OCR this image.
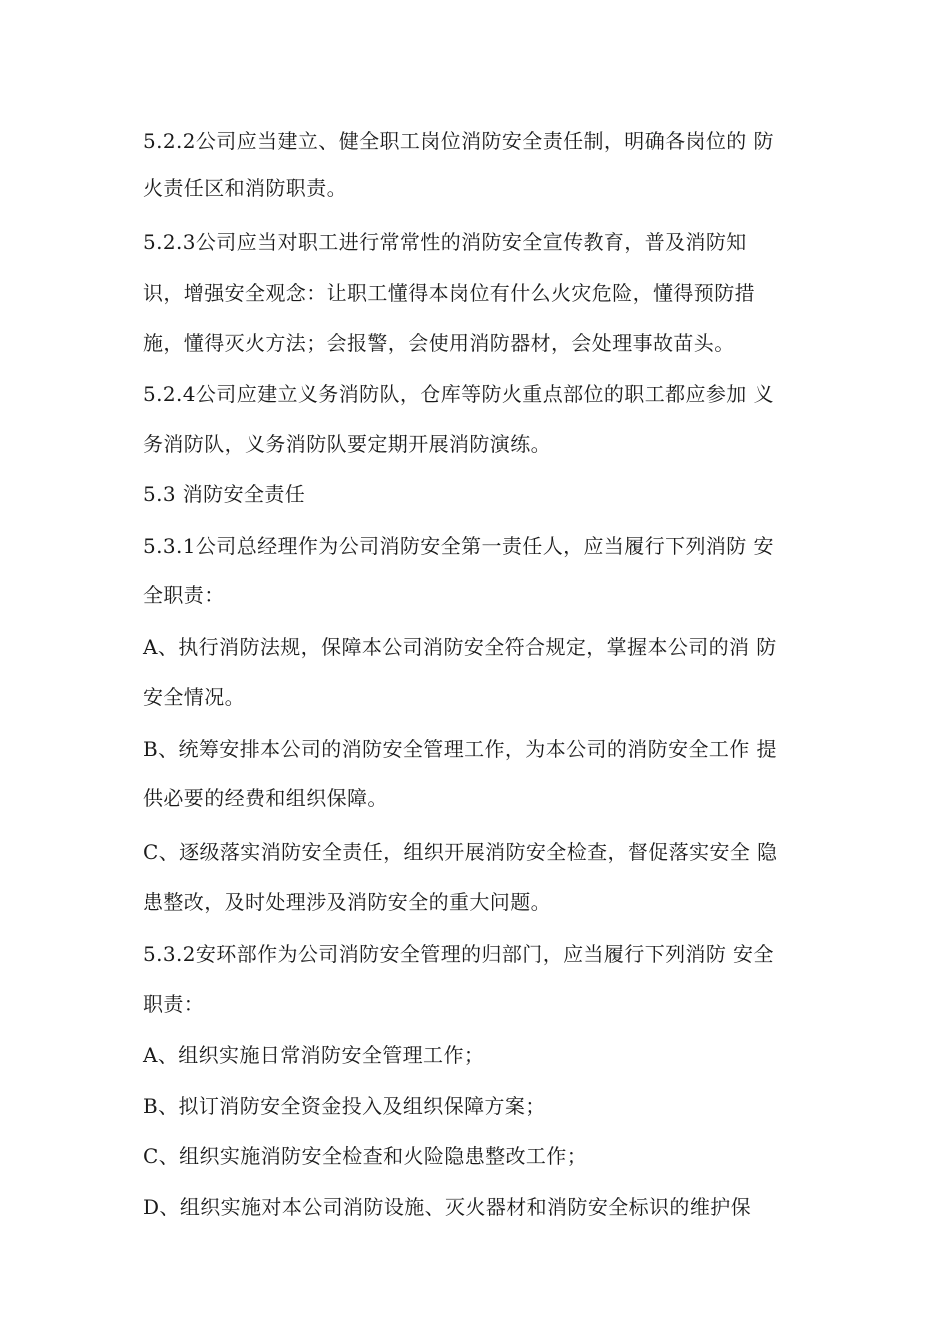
5.2.2公司应当建立、健全职工岗位消防安全责任制，明确各岗位的 防
火责任区和消防职责。
5.2.3公司应当对职工进行常常性的消防安全宣传教育，普及消防知
识，增强安全观念：让职工懂得本岗位有什么火灾危险，懂得预防措
施，懂得灭火方法；会报警，会使用消防器材，会处理事故苗头。
5.2.4公司应建立义务消防队，仓库等防火重点部位的职工都应参加 义
务消防队，义务消防队要定期开展消防演练。
5.3 消防安全责任
5.3.1公司总经理作为公司消防安全第一责任人，应当履行下列消防 安
全职责：
A、执行消防法规，保障本公司消防安全符合规定，掌握本公司的消 防
安全情况。
B、统筹安排本公司的消防安全管理工作，为本公司的消防安全工作 提
供必要的经费和组织保障。
C、逐级落实消防安全责任，组织开展消防安全检查，督促落实安全 隐
患整改，及时处理涉及消防安全的重大问题。
5.3.2安环部作为公司消防安全管理的归部门，应当履行下列消防 安全
职责：
A、组织实施日常消防安全管理工作；
B、拟订消防安全资金投入及组织保障方案；
C、组织实施消防安全检查和火险隐患整改工作；
D、组织实施对本公司消防设施、灭火器材和消防安全标识的维护保
